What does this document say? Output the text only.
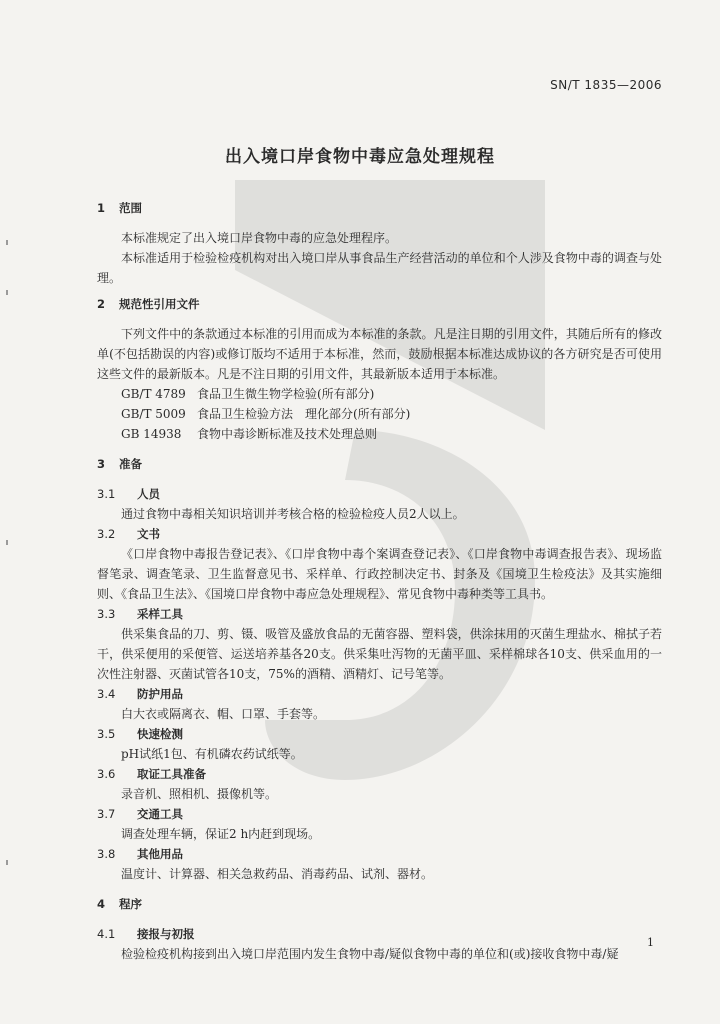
SN/T 1835—2006
出入境口岸食物中毒应急处理规程
1 范围

本标准规定了出入境口岸食物中毒的应急处理程序。

本标准适用于检验检疫机构对出入境口岸从事食品生产经营活动的单位和个人涉及食物中毒的调查与处理。

2 规范性引用文件

下列文件中的条款通过本标准的引用而成为本标准的条款。凡是注日期的引用文件，其随后所有的修改单(不包括勘误的内容)或修订版均不适用于本标准，然而，鼓励根据本标准达成协议的各方研究是否可使用这些文件的最新版本。凡是不注日期的引用文件，其最新版本适用于本标准。

GB/T 4789 食品卫生微生物学检验(所有部分)

GB/T 5009 食品卫生检验方法　理化部分(所有部分)

GB 14938 食物中毒诊断标准及技术处理总则

3 准备
3.1 人员

通过食物中毒相关知识培训并考核合格的检验检疫人员2人以上。

3.2 文书

《口岸食物中毒报告登记表》、《口岸食物中毒个案调查登记表》、《口岸食物中毒调查报告表》、现场监督笔录、调查笔录、卫生监督意见书、采样单、行政控制决定书、封条及《国境卫生检疫法》及其实施细则、《食品卫生法》、《国境口岸食物中毒应急处理规程》、常见食物中毒种类等工具书。

3.3 采样工具

供采集食品的刀、剪、镊、吸管及盛放食品的无菌容器、塑料袋，供涂抹用的灭菌生理盐水、棉拭子若干，供采便用的采便管、运送培养基各20支。供采集吐泻物的无菌平皿、采样棉球各10支、供采血用的一次性注射器、灭菌试管各10支，75%的酒精、酒精灯、记号笔等。

3.4 防护用品

白大衣或隔离衣、帽、口罩、手套等。

3.5 快速检测

pH试纸1包、有机磷农药试纸等。

3.6 取证工具准备

录音机、照相机、摄像机等。

3.7 交通工具

调查处理车辆，保证2 h内赶到现场。

3.8 其他用品

温度计、计算器、相关急救药品、消毒药品、试剂、器材。

4 程序
4.1 接报与初报

检验检疫机构接到出入境口岸范围内发生食物中毒/疑似食物中毒的单位和(或)接收食物中毒/疑

1
